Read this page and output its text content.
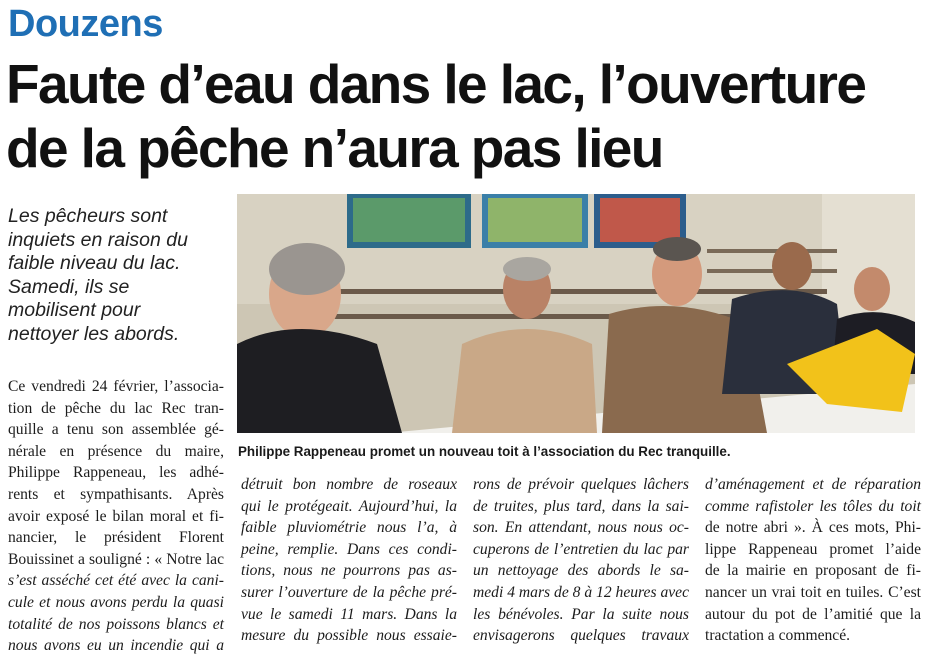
Douzens
Faute d’eau dans le lac, l’ouverture
de la pêche n’aura pas lieu
Les pêcheurs sont
inquiets en raison du
faible niveau du lac.
Samedi, ils se
mobilisent pour
nettoyer les abords.
Philippe Rappeneau promet un nouveau toit à l’association du Rec tranquille.
Ce vendredi 24 février, l’associa-
tion de pêche du lac Rec tran-
quille a tenu son assemblée gé-
nérale en présence du maire,
Philippe Rappeneau, les adhé-
rents et sympathisants. Après
avoir exposé le bilan moral et fi-
nancier, le président Florent
Bouissinet a souligné : « Notre lac
s’est asséché cet été avec la cani-
cule et nous avons perdu la quasi
totalité de nos poissons blancs et
nous avons eu un incendie qui a
détruit bon nombre de roseaux
qui le protégeait. Aujourd’hui, la
faible pluviométrie nous l’a, à
peine, remplie. Dans ces condi-
tions, nous ne pourrons pas as-
surer l’ouverture de la pêche pré-
vue le samedi 11 mars. Dans la
mesure du possible nous essaie-
rons de prévoir quelques lâchers
de truites, plus tard, dans la sai-
son. En attendant, nous nous oc-
cuperons de l’entretien du lac par
un nettoyage des abords le sa-
medi 4 mars de 8 à 12 heures avec
les bénévoles. Par la suite nous
envisagerons quelques travaux
d’aménagement et de réparation
comme rafistoler les tôles du toit
de notre abri ». À ces mots, Phi-
lippe Rappeneau promet l’aide
de la mairie en proposant de fi-
nancer un vrai toit en tuiles. C’est
autour du pot de l’amitié que la
tractation a commencé.
